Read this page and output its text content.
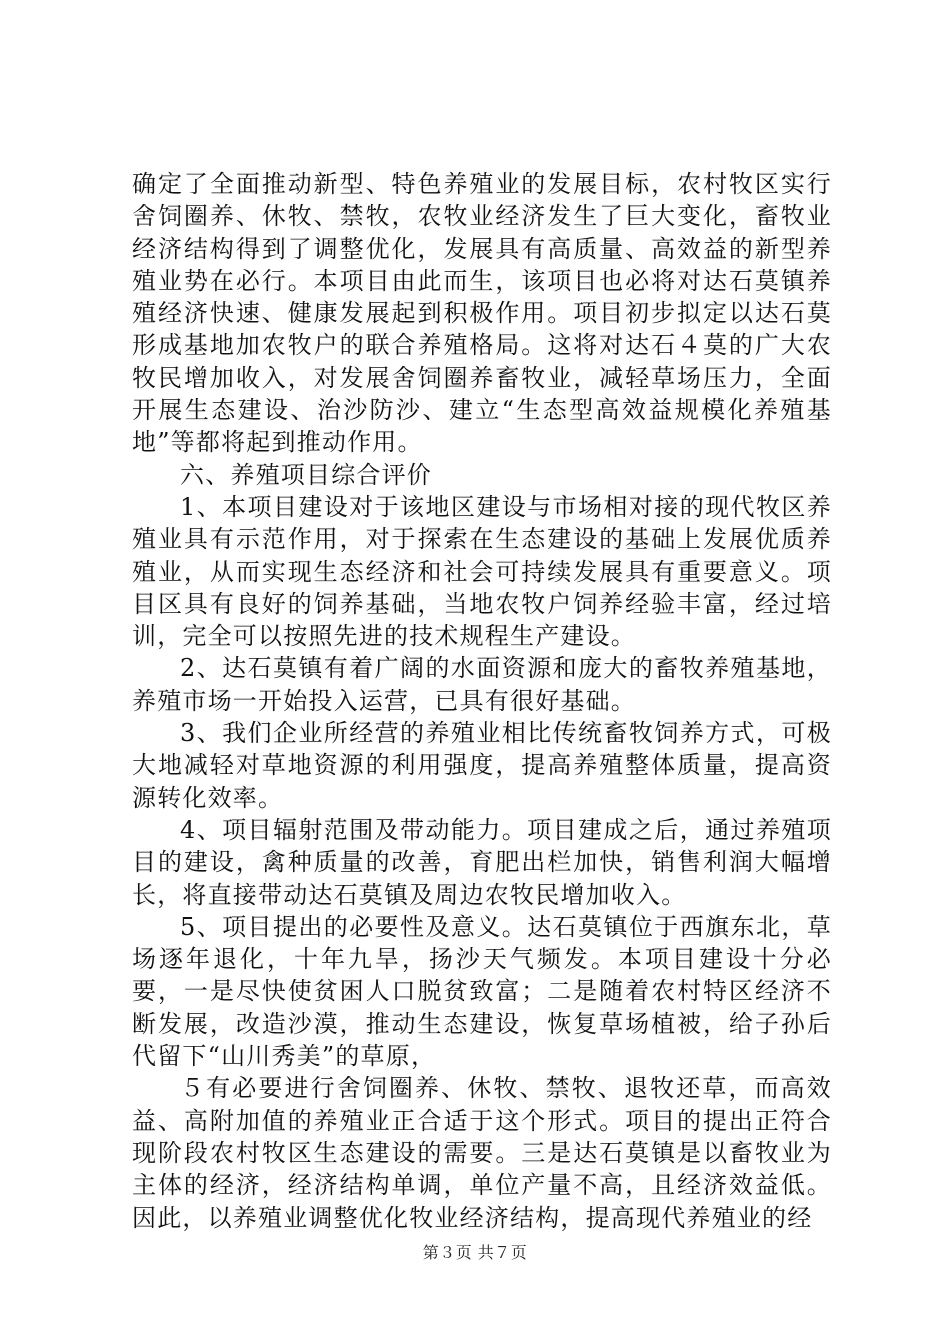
确定了全面推动新型、特色养殖业的发展目标，农村牧区实行舍饲圈养、休牧、禁牧，农牧业经济发生了巨大变化，畜牧业经济结构得到了调整优化，发展具有高质量、高效益的新型养殖业势在必行。本项目由此而生，该项目也必将对达石莫镇养殖经济快速、健康发展起到积极作用。项目初步拟定以达石莫形成基地加农牧户的联合养殖格局。这将对达石４莫的广大农牧民增加收入，对发展舍饲圈养畜牧业，减轻草场压力，全面开展生态建设、治沙防沙、建立“生态型高效益规模化养殖基地”等都将起到推动作用。

六、养殖项目综合评价

1、本项目建设对于该地区建设与市场相对接的现代牧区养殖业具有示范作用，对于探索在生态建设的基础上发展优质养殖业，从而实现生态经济和社会可持续发展具有重要意义。项目区具有良好的饲养基础，当地农牧户饲养经验丰富，经过培训，完全可以按照先进的技术规程生产建设。

2、达石莫镇有着广阔的水面资源和庞大的畜牧养殖基地，养殖市场一开始投入运营，已具有很好基础。

3、我们企业所经营的养殖业相比传统畜牧饲养方式，可极大地减轻对草地资源的利用强度，提高养殖整体质量，提高资源转化效率。

4、项目辐射范围及带动能力。项目建成之后，通过养殖项目的建设，禽种质量的改善，育肥出栏加快，销售利润大幅增长，将直接带动达石莫镇及周边农牧民增加收入。

5、项目提出的必要性及意义。达石莫镇位于西旗东北，草场逐年退化，十年九旱，扬沙天气频发。本项目建设十分必要，一是尽快使贫困人口脱贫致富；二是随着农村特区经济不断发展，改造沙漠，推动生态建设，恢复草场植被，给子孙后代留下“山川秀美”的草原，

５有必要进行舍饲圈养、休牧、禁牧、退牧还草，而高效益、高附加值的养殖业正合适于这个形式。项目的提出正符合现阶段农村牧区生态建设的需要。三是达石莫镇是以畜牧业为主体的经济，经济结构单调，单位产量不高，且经济效益低。因此，以养殖业调整优化牧业经济结构，提高现代养殖业的经

第３页 共７页
